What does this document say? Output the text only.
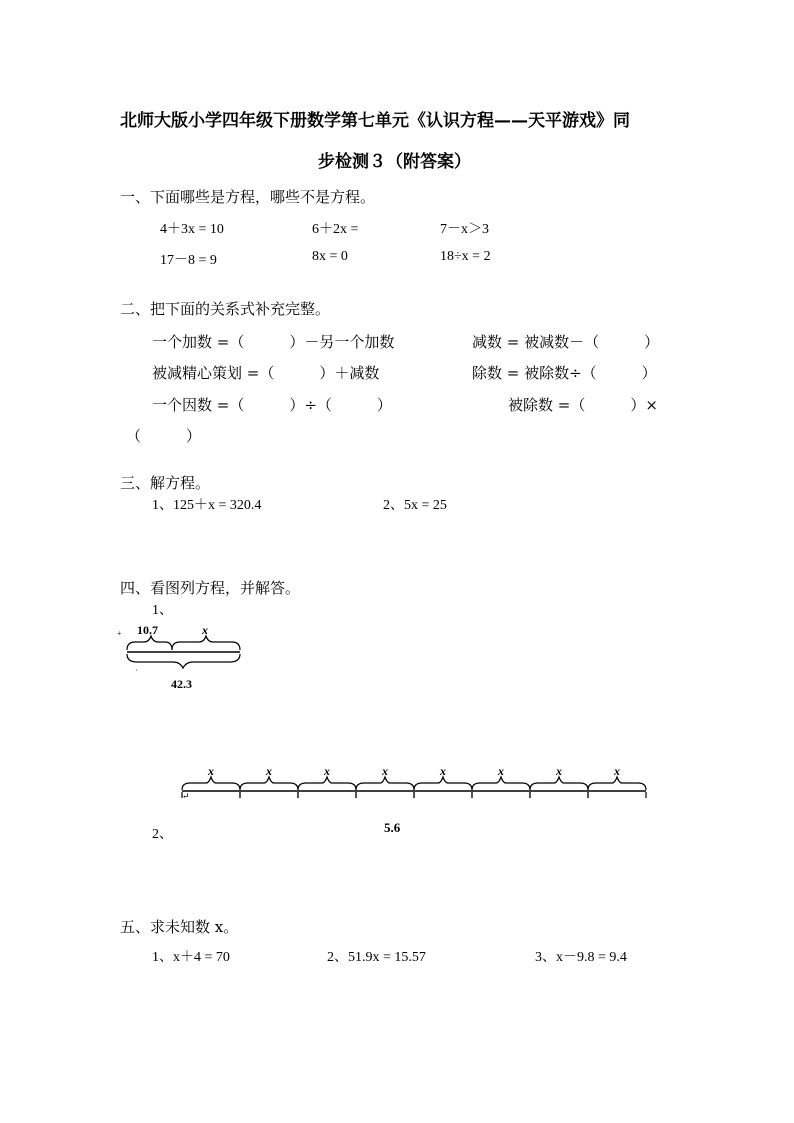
北师大版小学四年级下册数学第七单元《认识方程——天平游戏》同
步检测３（附答案）
一、下面哪些是方程，哪些不是方程。
4＋3x = 10	6＋2x =	7－x＞3
17－8 = 9	8x = 0	18÷x = 2
二、把下面的关系式补充完整。
一个加数 =（　　　）－另一个加数	减数 = 被减数－（　　　）
被减精心策划 =（　　　）＋减数	除数 = 被除数÷（　　　）
一个因数 =（　　　）÷（　　　）	被除数 =（　　　）×
（　　　）
三、解方程。
1、125＋x = 320.4	2、5x = 25
四、看图列方程，并解答。
1、
+ 10.7	x
·
42.3
x	x	x	x	x	x	x	x
↵
5.6
2、
五、求未知数 x。
1、x＋4 = 70	2、51.9x = 15.57	3、x－9.8 = 9.4
